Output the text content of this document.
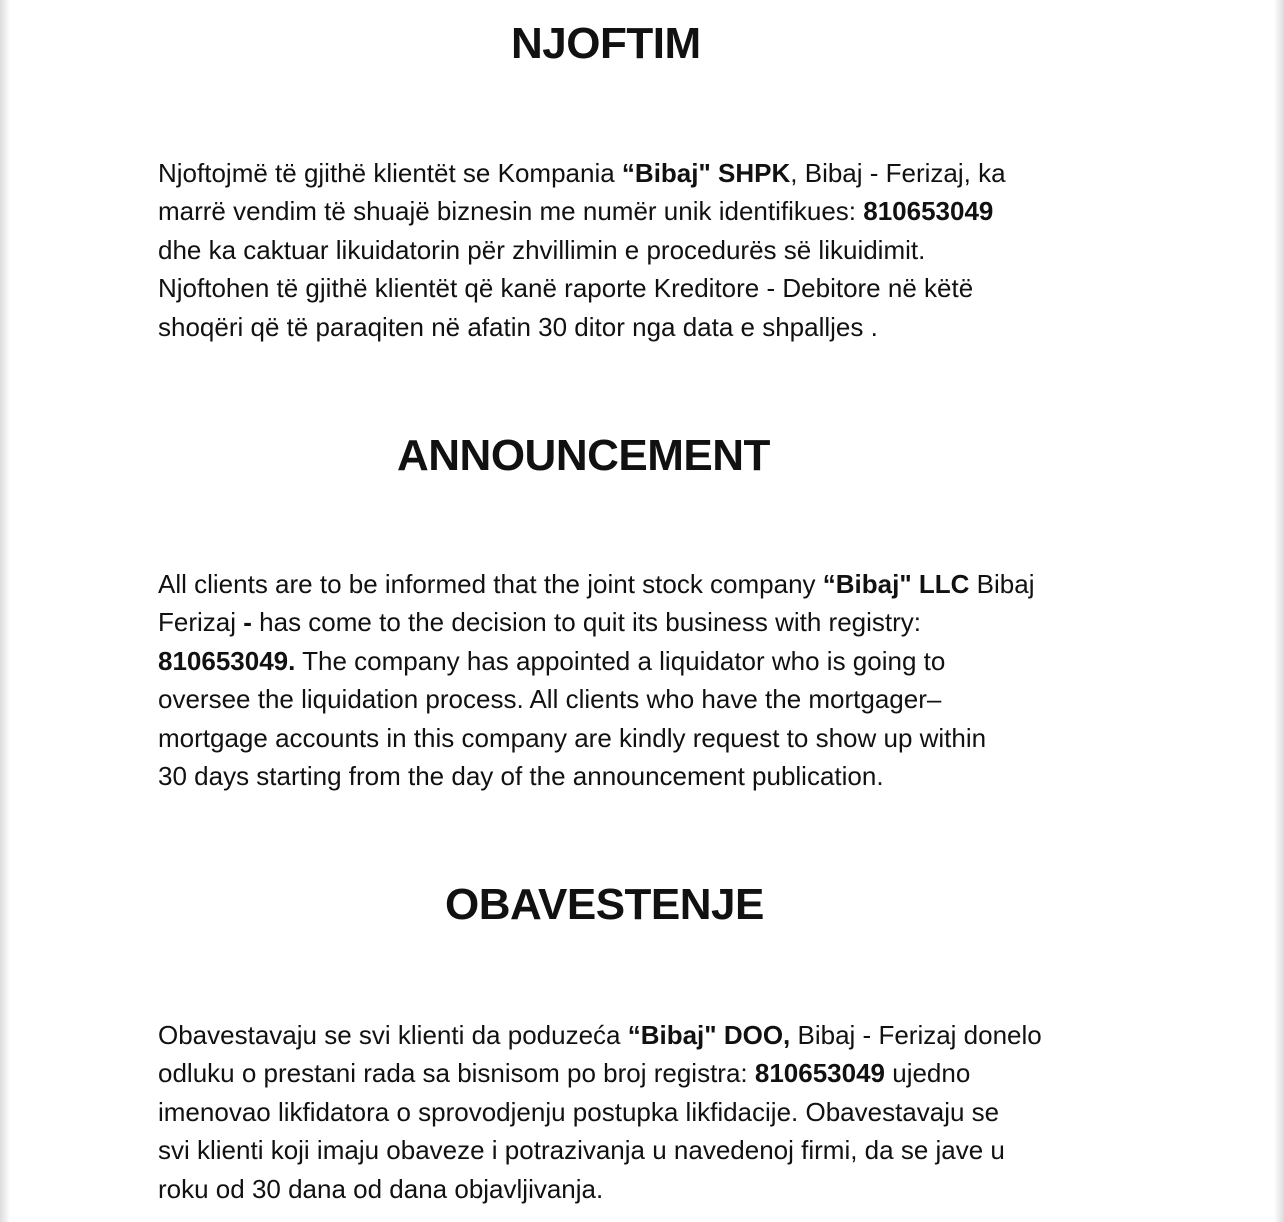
NJOFTIM

Njoftojmë të gjithë klientët se Kompania “Bibaj" SHPK, Bibaj - Ferizaj, ka
marrë vendim të shuajë biznesin me numër unik identifikues: 810653049
dhe ka caktuar likuidatorin për zhvillimin e procedurës së likuidimit.
Njoftohen të gjithë klientët që kanë raporte Kreditore - Debitore në këtë
shoqëri që të paraqiten në afatin 30 ditor nga data e shpalljes .

ANNOUNCEMENT

All clients are to be informed that the joint stock company “Bibaj" LLC Bibaj
Ferizaj - has come to the decision to quit its business with registry:
810653049. The company has appointed a liquidator who is going to
oversee the liquidation process. All clients who have the mortgager–
mortgage accounts in this company are kindly request to show up within
30 days starting from the day of the announcement publication.

OBAVESTENJE

Obavestavaju se svi klienti da poduzeća “Bibaj" DOO, Bibaj - Ferizaj donelo
odluku o prestani rada sa bisnisom po broj registra: 810653049 ujedno
imenovao likfidatora o sprovodjenju postupka likfidacije. Obavestavaju se
svi klienti koji imaju obaveze i potrazivanja u navedenoj firmi, da se jave u
roku od 30 dana od dana objavljivanja.
